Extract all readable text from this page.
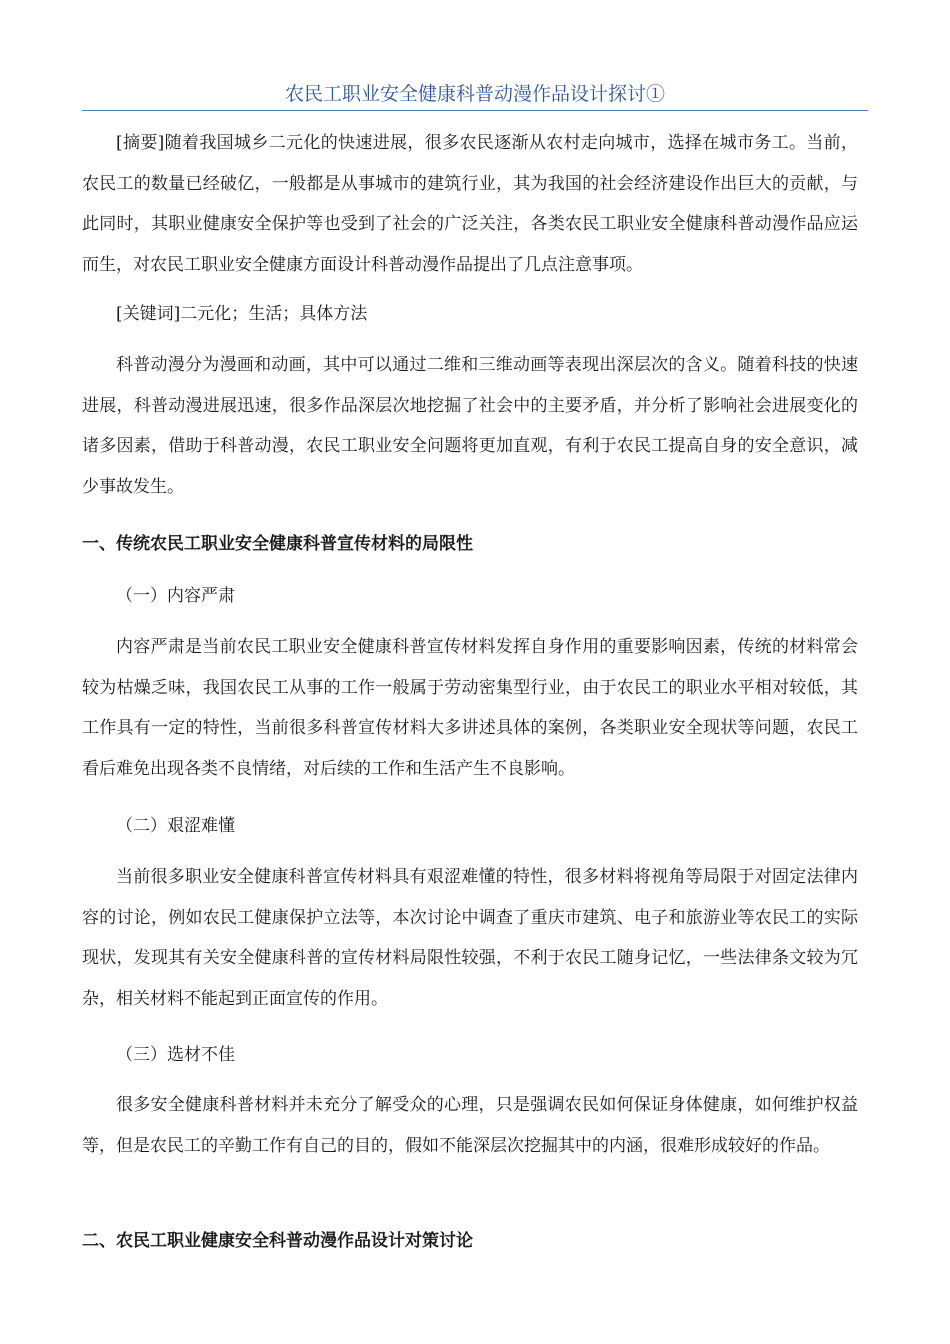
农民工职业安全健康科普动漫作品设计探讨①

[摘要]随着我国城乡二元化的快速进展，很多农民逐渐从农村走向城市，选择在城市务工。当前，农民工的数量已经破亿，一般都是从事城市的建筑行业，其为我国的社会经济建设作出巨大的贡献，与此同时，其职业健康安全保护等也受到了社会的广泛关注，各类农民工职业安全健康科普动漫作品应运而生，对农民工职业安全健康方面设计科普动漫作品提出了几点注意事项。

[关键词]二元化；生活；具体方法

科普动漫分为漫画和动画，其中可以通过二维和三维动画等表现出深层次的含义。随着科技的快速进展，科普动漫进展迅速，很多作品深层次地挖掘了社会中的主要矛盾，并分析了影响社会进展变化的诸多因素，借助于科普动漫，农民工职业安全问题将更加直观，有利于农民工提高自身的安全意识，减少事故发生。

一、传统农民工职业安全健康科普宣传材料的局限性

（一）内容严肃

内容严肃是当前农民工职业安全健康科普宣传材料发挥自身作用的重要影响因素，传统的材料常会较为枯燥乏味，我国农民工从事的工作一般属于劳动密集型行业，由于农民工的职业水平相对较低，其工作具有一定的特性，当前很多科普宣传材料大多讲述具体的案例，各类职业安全现状等问题，农民工看后难免出现各类不良情绪，对后续的工作和生活产生不良影响。

（二）艰涩难懂

当前很多职业安全健康科普宣传材料具有艰涩难懂的特性，很多材料将视角等局限于对固定法律内容的讨论，例如农民工健康保护立法等，本次讨论中调查了重庆市建筑、电子和旅游业等农民工的实际现状，发现其有关安全健康科普的宣传材料局限性较强，不利于农民工随身记忆，一些法律条文较为冗杂，相关材料不能起到正面宣传的作用。

（三）选材不佳

很多安全健康科普材料并未充分了解受众的心理，只是强调农民如何保证身体健康，如何维护权益等，但是农民工的辛勤工作有自己的目的，假如不能深层次挖掘其中的内涵，很难形成较好的作品。

二、农民工职业健康安全科普动漫作品设计对策讨论
